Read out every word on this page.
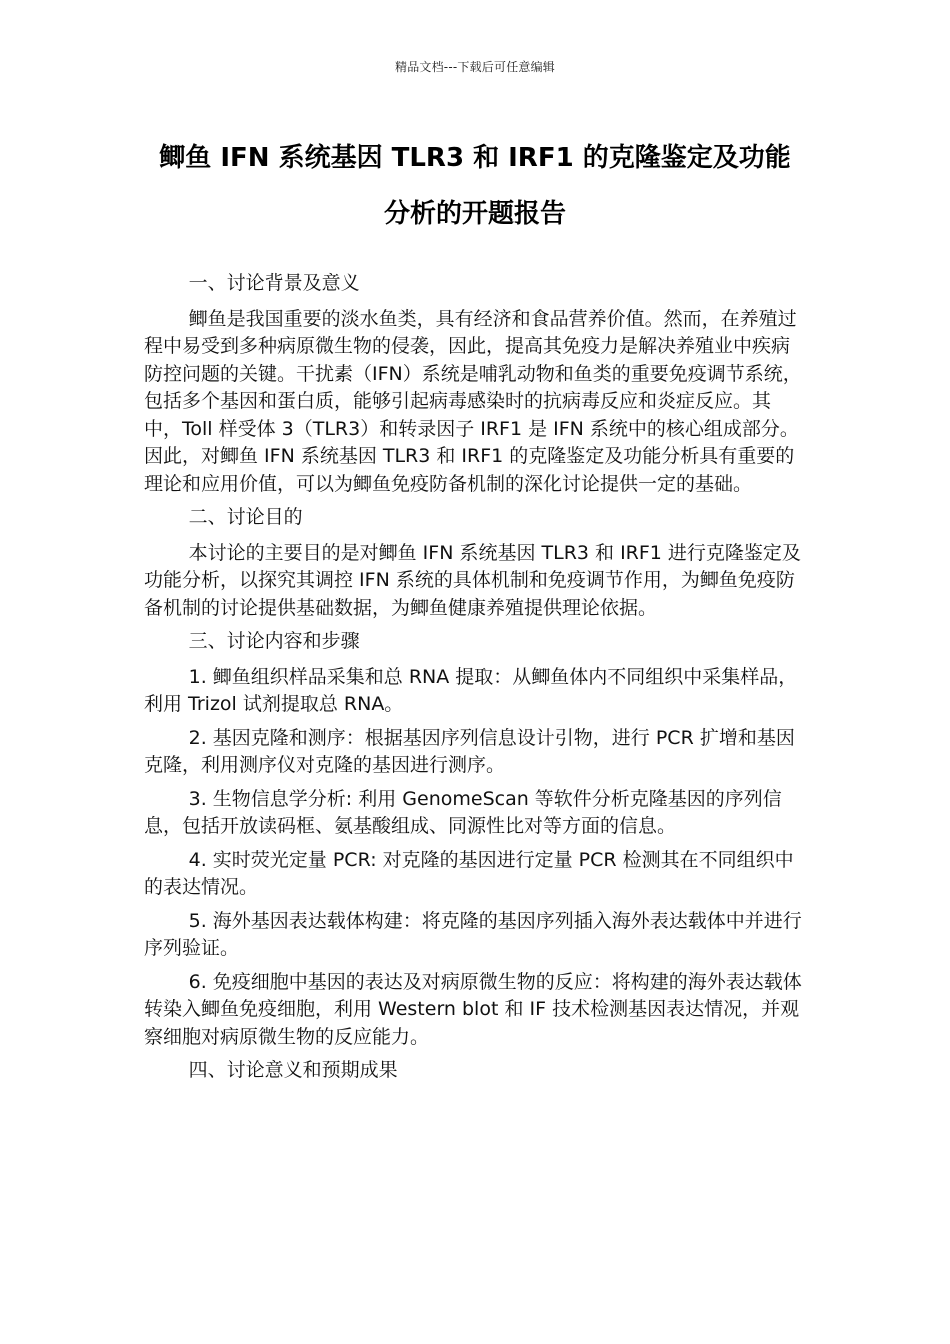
精品文档---下载后可任意编辑
鲫鱼 IFN 系统基因 TLR3 和 IRF1 的克隆鉴定及功能
分析的开题报告

一、讨论背景及意义

鲫鱼是我国重要的淡水鱼类，具有经济和食品营养价值。然而，在养殖过程中易受到多种病原微生物的侵袭，因此，提高其免疫力是解决养殖业中疾病防控问题的关键。干扰素（IFN）系统是哺乳动物和鱼类的重要免疫调节系统，包括多个基因和蛋白质，能够引起病毒感染时的抗病毒反应和炎症反应。其中，Toll 样受体 3（TLR3）和转录因子 IRF1 是 IFN 系统中的核心组成部分。因此，对鲫鱼 IFN 系统基因 TLR3 和 IRF1 的克隆鉴定及功能分析具有重要的理论和应用价值，可以为鲫鱼免疫防备机制的深化讨论提供一定的基础。

二、讨论目的

本讨论的主要目的是对鲫鱼 IFN 系统基因 TLR3 和 IRF1 进行克隆鉴定及功能分析，以探究其调控 IFN 系统的具体机制和免疫调节作用，为鲫鱼免疫防备机制的讨论提供基础数据，为鲫鱼健康养殖提供理论依据。

三、讨论内容和步骤

1. 鲫鱼组织样品采集和总 RNA 提取：从鲫鱼体内不同组织中采集样品，利用 Trizol 试剂提取总 RNA。

2. 基因克隆和测序：根据基因序列信息设计引物，进行 PCR 扩增和基因克隆，利用测序仪对克隆的基因进行测序。

3. 生物信息学分析: 利用 GenomeScan 等软件分析克隆基因的序列信息，包括开放读码框、氨基酸组成、同源性比对等方面的信息。

4. 实时荧光定量 PCR: 对克隆的基因进行定量 PCR 检测其在不同组织中的表达情况。

5. 海外基因表达载体构建：将克隆的基因序列插入海外表达载体中并进行序列验证。

6. 免疫细胞中基因的表达及对病原微生物的反应：将构建的海外表达载体转染入鲫鱼免疫细胞，利用 Western blot 和 IF 技术检测基因表达情况，并观察细胞对病原微生物的反应能力。

四、讨论意义和预期成果
